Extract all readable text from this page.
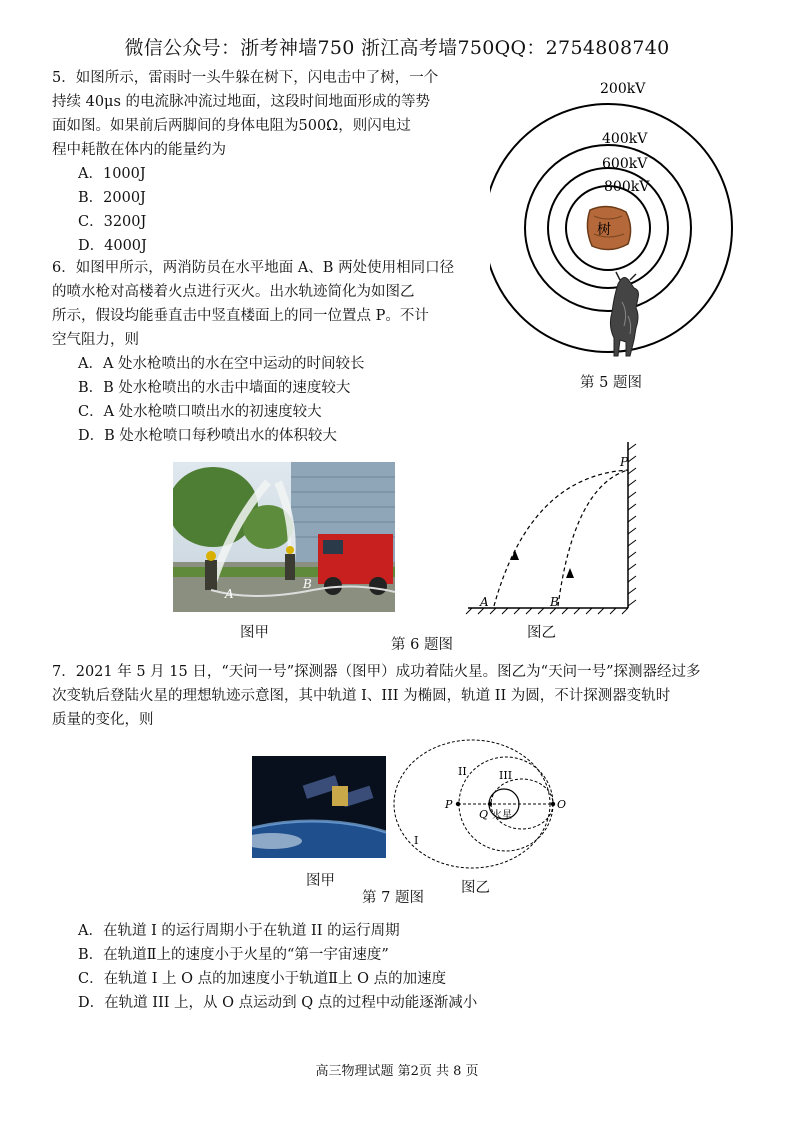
微信公众号：浙考神墙750 浙江高考墙750QQ：2754808740
5．如图所示，雷雨时一头牛躲在树下，闪电击中了树，一个
持续 40μs 的电流脉冲流过地面，这段时间地面形成的等势
面如图。如果前后两脚间的身体电阻为500Ω，则闪电过
程中耗散在体内的能量约为
A．1000J
B．2000J
C．3200J
D．4000J
树
200kV
400kV
600kV
800kV
第 5 题图
6．如图甲所示，两消防员在水平地面 A、B 两处使用相同口径
的喷水枪对高楼着火点进行灭火。出水轨迹简化为如图乙
所示，假设均能垂直击中竖直楼面上的同一位置点 P。不计
空气阻力，则
A．A 处水枪喷出的水在空中运动的时间较长
B．B 处水枪喷出的水击中墙面的速度较大
C．A 处水枪喷口喷出水的初速度较大
D．B 处水枪喷口每秒喷出水的体积较大
A
B
图甲
P
A	B
图乙
第 6 题图
7．2021 年 5 月 15 日，“天问一号”探测器（图甲）成功着陆火星。图乙为“天问一号”探测器经过多
次变轨后登陆火星的理想轨迹示意图，其中轨道 I、III 为椭圆，轨道 II 为圆，不计探测器变轨时
质量的变化，则
图甲
II	III
I
P
Q
O
火星
图乙
第 7 题图
A．在轨道 I 的运行周期小于在轨道 II 的运行周期
B．在轨道Ⅱ上的速度小于火星的“第一宇宙速度”
C．在轨道 I 上 O 点的加速度小于轨道Ⅱ上 O 点的加速度
D．在轨道 III 上，从 O 点运动到 Q 点的过程中动能逐渐减小
高三物理试题 第2页 共 8 页
